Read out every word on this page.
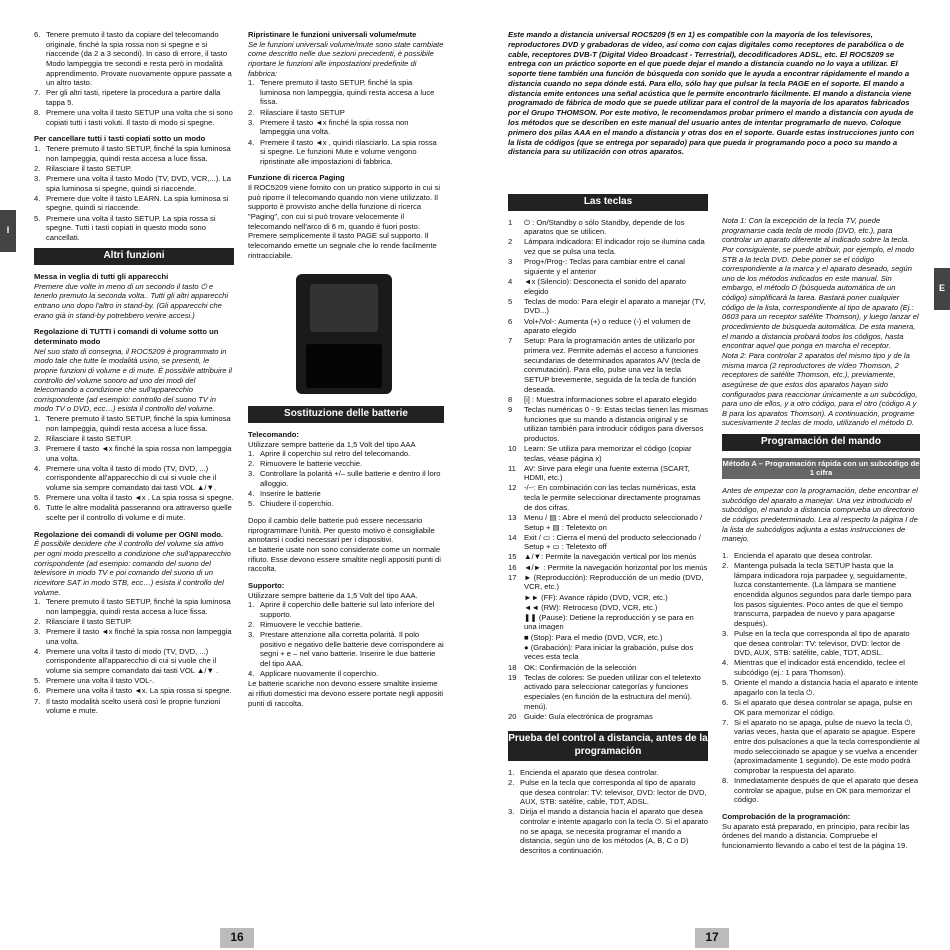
I
E
6. Tenere premuto il tasto da copiare del telecomando originale, finché la spia rossa non si spegne e si riaccende (da 2 a 3 secondi). In caso di errore, il tasto Modo lampeggia tre secondi e resta però in modalità apprendimento. Provate nuovamente oppure passate a un altro tasto.
7. Per gli altri tasti, ripetere la procedura a partire dalla tappa 5.
8. Premere una volta il tasto SETUP una volta che si sono copiati tutti i tasti voluti. Il tasto di modo si spegne.
Per cancellare tutti i tasti copiati sotto un modo
1. Tenere premuto il tasto SETUP, finché la spia luminosa non lampeggia, quindi resta accesa a luce fissa.
2. Rilasciare il tasto SETUP.
3. Premere una volta il tasto Modo (TV, DVD, VCR,...). La spia luminosa si spegne, quindi si riaccende.
4. Premere due volte il tasto LEARN. La spia luminosa si spegne, quindi si riaccende.
5. Premere una volta il tasto SETUP. La spia rossa si spegne. Tutti i tasti copiati in questo modo sono cancellati.
Altri funzioni
Messa in veglia di tutti gli apparecchi
Premere due volte in meno di un secondo il tasto ⏻ e tenerlo premuto la seconda volta.. Tutti gli altri apparecchi entrano uno dopo l'altro in stand-by. (Gli apparecchi che erano già in stand-by potrebbero venire accesi.)
Regolazione di TUTTI i comandi di volume sotto un determinato modo
Nel suo stato di consegna, il ROC5209 è programmato in modo tale che tutte le modalità usino, se presenti, le proprie funzioni di volume e di mute. È possibile attribuire il controllo del volume sonoro ad uno dei modi del telecomando a condizione che sull'apparecchio corrispondente (ad esempio: controllo del suono TV in modo TV o DVD, ecc…) esista il controllo del volume.
1. Tenere premuto il tasto SETUP, finché la spia luminosa non lampeggia, quindi resta accesa a luce fissa.
2. Rilasciare il tasto SETUP.
3. Premere il tasto ◄x finché la spia rossa non lampeggia una volta.
4. Premere una volta il tasto di modo (TV, DVD, ...) corrispondente all'apparecchio di cui si vuole che il volume sia sempre comandato dai tasti VOL ▲/▼.
5. Premere una volta il tasto ◄x . La spia rossa si spegne.
6. Tutte le altre modalità passeranno ora attraverso quelle scelte per il controllo di volume e di mute.
Regolazione dei comandi di volume per OGNI modo.
È possibile decidere che il controllo del volume sia attivo per ogni modo prescelto a condizione che sull'apparecchio corrispondente (ad esempio: comando del suono del televisore in modo TV e poi comando del suono di un ricevitore SAT in modo STB, ecc…) esista il controllo del volume.
1. Tenere premuto il tasto SETUP, finché la spia luminosa non lampeggia, quindi resta accesa a luce fissa.
2. Rilasciare il tasto SETUP.
3. Premere il tasto ◄x finché la spia rossa non lampeggia una volta.
4. Premere una volta il tasto di modo (TV, DVD, ...) corrispondente all'apparecchio di cui si vuole che il volume sia sempre comandato dai tasti VOL ▲/▼ .
5. Premere una volta il tasto VOL-.
6. Premere una volta il tasto ◄x. La spia rossa si spegne.
7. Il tasto modalità scelto userà così le proprie funzioni volume e mute.
Ripristinare le funzioni universali volume/mute
Se le funzioni universali volume/mute sono state cambiate come descritto nelle due sezioni precedenti, è possibile riportare le funzioni alle impostazioni predefinite di fabbrica:
1. Tenere premuto il tasto SETUP, finché la spia luminosa non lampeggia, quindi resta accesa a luce fissa.
2. Rilasciare il tasto SETUP
3. Premere il tasto ◄x finché la spia rossa non lampeggia una volta.
4. Premere il tasto ◄x , quindi rilasciarlo. La spia rossa si spegne. Le funzioni Mute e volume vengono ripristinate alle impostazioni di fabbrica.
Funzione di ricerca Paging
Il ROC5209 viene fornito con un pratico supporto in cui si può riporre il telecomando quando non viene utilizzato. Il supporto è provvisto anche della funzione di ricerca "Paging", con cui si può trovare velocemente il telecomando nell'arco di 6 m, quando è fuori posto. Premere semplicemente il tasto PAGE sul supporto. Il telecomando emette un segnale che lo rende facilmente rintracciabile.
Sostituzione delle batterie
Telecomando:
Utilizzare sempre batterie da 1,5 Volt del tipo AAA
1. Aprire il coperchio sul retro del telecomando.
2. Rimuovere le batterie vecchie.
3. Controllare la polarità +/– sulle batterie e dentro il loro alloggio.
4. Inserire le batterie
5. Chiudere il coperchio.
Dopo il cambio delle batterie può essere necessario riprogrammare l'unità. Per questo motivo è consigliabile annotarsi i codici necessari per i dispositivi.
Le batterie usate non sono considerate come un normale rifiuto. Esse devono essere smaltite negli appositi punti di raccolta.
Supporto:
Utilizzare sempre batterie da 1,5 Volt del tipo AAA.
1. Aprire il coperchio delle batterie sul lato inferiore del supporto.
2. Rimuovere le vecchie batterie.
3. Prestare attenzione alla corretta polarità. Il polo positivo e negativo delle batterie deve corrispondere ai segni + e – nel vano batterie. Inserire le due batterie del tipo AAA.
4. Applicare nuovamente il coperchio.
Le batterie scariche non devono essere smaltite insieme ai rifiuti domestici ma devono essere portate negli appositi punti di raccolta.
Este mando a distancia universal ROC5209 (5 en 1) es compatible con la mayoría de los televisores, reproductores DVD y grabadoras de vídeo, así como con cajas digitales como receptores de parabólica o de cable, receptores DVB-T (Digital Video Broadcast - Terrestrial), decodificadores ADSL, etc. El ROC5209 se entrega con un práctico soporte en el que puede dejar el mando a distancia cuando no lo vaya a utilizar. El soporte tiene también una función de búsqueda con sonido que le ayuda a encontrar rápidamente el mando a distancia cuando no sepa dónde está. Para ello, sólo hay que pulsar la tecla PAGE en el soporte. El mando a distancia emite entonces una señal acústica que le permite encontrarlo fácilmente. El mando a distancia viene programado de fábrica de modo que se puede utilizar para el control de la mayoría de los aparatos fabricados por el Grupo THOMSON. Por este motivo, le recomendamos probar primero el mando a distancia con ayuda de los métodos que se describen en este manual del usuario antes de intentar programarlo de nuevo. Coloque primero dos pilas AAA en el mando a distancia y otras dos en el soporte. Guarde estas instrucciones junto con la lista de códigos (que se entrega por separado) para que pueda ir programando poco a poco su mando a distancia para su utilización con otros aparatos.
Las teclas
1	⏻ : On/Standby o sólo Standby, depende de los aparatos que se utilicen.
2	Lámpara indicadora: El indicador rojo se ilumina cada vez que se pulsa una tecla.
3	Prog+/Prog-: Teclas para cambiar entre el canal siguiente y el anterior
4	◄x (Silencio): Desconecta el sonido del aparato elegido
5	Teclas de modo: Para elegir el aparato a manejar (TV, DVD...)
6	Vol+/Vol-: Aumenta (+) o reduce (-) el volumen de aparato elegido
7	Setup: Para la programación antes de utilizarlo por primera vez. Permite además el acceso a funciones secundarias de determinados aparatos A/V (tecla de conmutación). Para ello, pulse una vez la tecla SETUP brevemente, seguida de la tecla de función deseada.
8	[i] : Muestra informaciones sobre el aparato elegido
9	Teclas numéricas 0 - 9: Estas teclas tienen las mismas funciones que su mando a distancia original y se utilizan también para introducir códigos para diversos productos.
10 Learn: Se utiliza para memorizar el código (copiar teclas, véase página x)
11	AV: Sirve para elegir una fuente externa (SCART, HDMI, etc.)
12 -/--: En combinación con las teclas numéricas, esta tecla le permite seleccionar directamente programas de dos cifras.
13 Menu / ▤ : Abre el menú del producto seleccionado / Setup + ▤ : Teletexto on
14 Exit / ▭ : Cierra el menú del producto seleccionado / Setup + ▭ : Teletexto off
15 ▲/▼: Permite la navegación vertical por los menús
16 ◄/► : Permite la navegación horizontal por los menús
17 ► (Reproducción): Reproducción de un medio (DVD, VCR, etc.)
►► (FF): Avance rápido (DVD, VCR, etc.)
◄◄ (RW): Retroceso (DVD, VCR, etc.)
❚❚ (Pause): Detiene la reproducción y se para en una imagen
■ (Stop): Para el medio (DVD, VCR, etc.)
● (Grabación): Para iniciar la grabación, pulse dos veces esta tecla
18 OK: Confirmación de la selección
19 Teclas de colores: Se pueden utilizar con el teletexto activado para seleccionar categorías y funciones especiales (en función de la estructura del menú). menú).
20 Guide: Guía electrónica de programas
Prueba del control a distancia, antes de la programación
1. Encienda el aparato que desea controlar.
2. Pulse en la tecla que corresponda al tipo de aparato que desea controlar: TV: televisor, DVD: lector de DVD, AUX, STB: satélite, cable, TDT, ADSL.
3. Dirija el mando a distancia hacia el aparato que desea controlar e intente apagarlo con la tecla ⏻. Si el aparato no se apaga, se necesita programar el mando a distancia, según uno de los métodos (A, B, C o D) descritos a continuación.
Nota 1: Con la excepción de la tecla TV, puede programarse cada tecla de modo (DVD, etc.), para controlar un aparato diferente al indicado sobre la tecla. Por consiguiente, se puede atribuir, por ejemplo, el modo STB a la tecla DVD. Debe poner se el código correspondiente a la marca y el aparato deseado, según uno de los métodos indicados en este manual. Sin embargo, el método D (búsqueda automática de un código) simplificará la tarea. Bastará poner cualquier código de la lista, correspondiente al tipo de aparato (Ej.: 0603 para un receptor satélite Thomson), y luego lanzar el procedimiento de búsqueda automática. De esta manera, el mando a distancia probará todos los códigos, hasta encontrar aquel que ponga en marcha el receptor.
Nota 2: Para controlar 2 aparatos del mismo tipo y de la misma marca (2 reproductores de vídeo Thomson, 2 receptores de satélite Thomson, etc.), previamente, asegúrese de que estos dos aparatos hayan sido configurados para reaccionar únicamente a un subcódigo, para uno de ellos, y a otro código, para el otro (código A y B para los aparatos Thomson). A continuación, programe sucesivamente 2 teclas de modo, utilizando el método D.
Programación del mando
Método A – Programación rápida con un subcódigo de 1 cifra
Antes de empezar con la programación, debe encontrar el subcódigo del aparato a manejar. Una vez introducido el subcódigo, el mando a distancia comprueba un directorio de códigos predeterminado. Lea al respecto la página I de la lista de subcódigos adjunta a estas instrucciones de manejo.
1. Encienda el aparato que desea controlar.
2. Mantenga pulsada la tecla SETUP hasta que la lámpara indicadora roja parpadee y, seguidamente, luzca constantemente. (La lámpara se mantiene encendida algunos segundos para darle tiempo para los pasos siguientes. Poco antes de que el tiempo transcurra, parpadea de nuevo y para apagarse después).
3. Pulse en la tecla que corresponda al tipo de aparato que desea controlar: TV: televisor, DVD: lector de DVD, AUX, STB: satélite, cable, TDT, ADSL.
4. Mientras que el indicador está encendido, teclee el subcódigo (ej.: 1 para Thomson).
5. Oriente el mando a distancia hacia el aparato e intente apagarlo con la tecla ⏻.
6. Si el aparato que desea controlar se apaga, pulse en OK para memorizar el código.
7. Si el aparato no se apaga, pulse de nuevo la tecla ⏻, varias veces, hasta que el aparato se apague. Espere entre dos pulsaciones a que la tecla correspondiente al modo seleccionado se apague y se vuelva a encender (aproximadamente 1 segundo). De este modo podrá comprobar la respuesta del aparato.
8. Inmediatamente después de que el aparato que desea controlar se apague, pulse en OK para memorizar el código.
Comprobación de la programación:
Su aparato está preparado, en principio, para recibir las órdenes del mando a distancia. Compruebe el funcionamiento llevando a cabo el test de la página 19.
16	17
